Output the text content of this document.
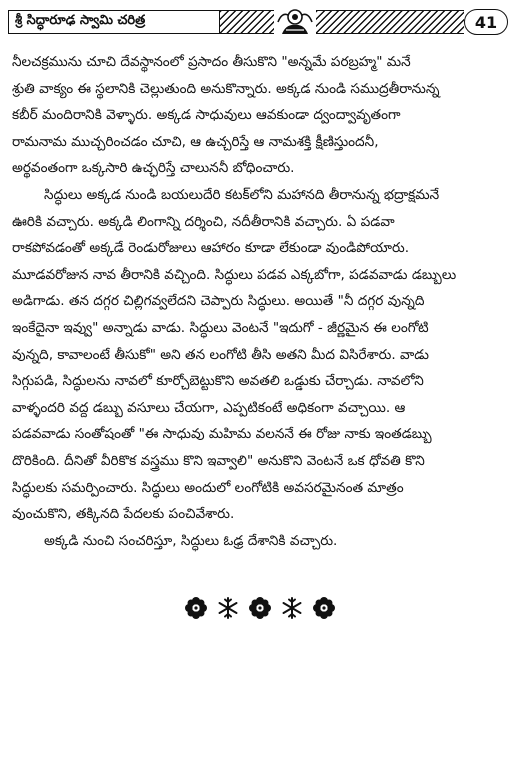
శ్రీ సిద్ధారూఢ స్వామి చరిత్ర	41
నీలచక్రమును చూచి దేవస్థానంలో ప్రసాదం తీసుకొని "అన్నమే పరబ్రహ్మ" మనే
శ్రుతి వాక్యం ఈ స్థలానికి చెల్లుతుంది అనుకొన్నారు. అక్కడ నుండి సముద్రతీరానున్న
కబీర్ మందిరానికి వెళ్ళారు. అక్కడ సాధువులు ఆవకుండా ద్వంద్వావృతంగా
రామనామ ముచ్చరించడం చూచి, ఆ ఉచ్చరిస్తే ఆ నామశక్తి క్షీణిస్తుందనీ,
అర్థవంతంగా ఒక్కసారి ఉచ్ఛరిస్తే చాలుననీ బోధించారు.
సిద్ధులు అక్కడ నుండి బయలుదేరి కటక్‌లోని మహానది తీరానున్న భద్రాక్షమనే
ఊరికి వచ్చారు. అక్కడి లింగాన్ని దర్శించి, నదీతీరానికి వచ్చారు. ఏ పడవా
రాకపోవడంతో అక్కడే రెండురోజులు ఆహారం కూడా లేకుండా వుండిపోయారు.
మూడవరోజున నావ తీరానికి వచ్చింది. సిద్ధులు పడవ ఎక్కబోగా, పడవవాడు డబ్బులు
అడిగాడు. తన దగ్గర చిల్లిగవ్వలేదని చెప్పారు సిద్ధులు. అయితే "నీ దగ్గర వున్నది
ఇంకేదైనా ఇవ్వు" అన్నాడు వాడు. సిద్ధులు వెంటనే "ఇదుగో - జీర్ణమైన ఈ లంగోటి
వున్నది, కావాలంటే తీసుకో" అని తన లంగోటి తీసి అతని మీద విసిరేశారు. వాడు
సిగ్గుపడి, సిద్ధులను నావలో కూర్చోబెట్టుకొని అవతలి ఒడ్డుకు చేర్చాడు. నావలోని
వాళ్ళందరి వద్ద డబ్బు వసూలు చేయగా, ఎప్పటికంటే అధికంగా వచ్చాయి. ఆ
పడవవాడు సంతోషంతో "ఈ సాధువు మహిమ వలననే ఈ రోజు నాకు ఇంతడబ్బు
దొరికింది. దీనితో వీరికొక వస్త్రము కొని ఇవ్వాలి" అనుకొని వెంటనే ఒక ధోవతి కొని
సిద్ధులకు సమర్పించారు. సిద్ధులు అందులో లంగోటికి అవసరమైనంత మాత్రం
వుంచుకొని, తక్కినది పేదలకు పంచివేశారు.
అక్కడి నుంచి సంచరిస్తూ, సిద్ధులు ఓఢ్ర దేశానికి వచ్చారు.
